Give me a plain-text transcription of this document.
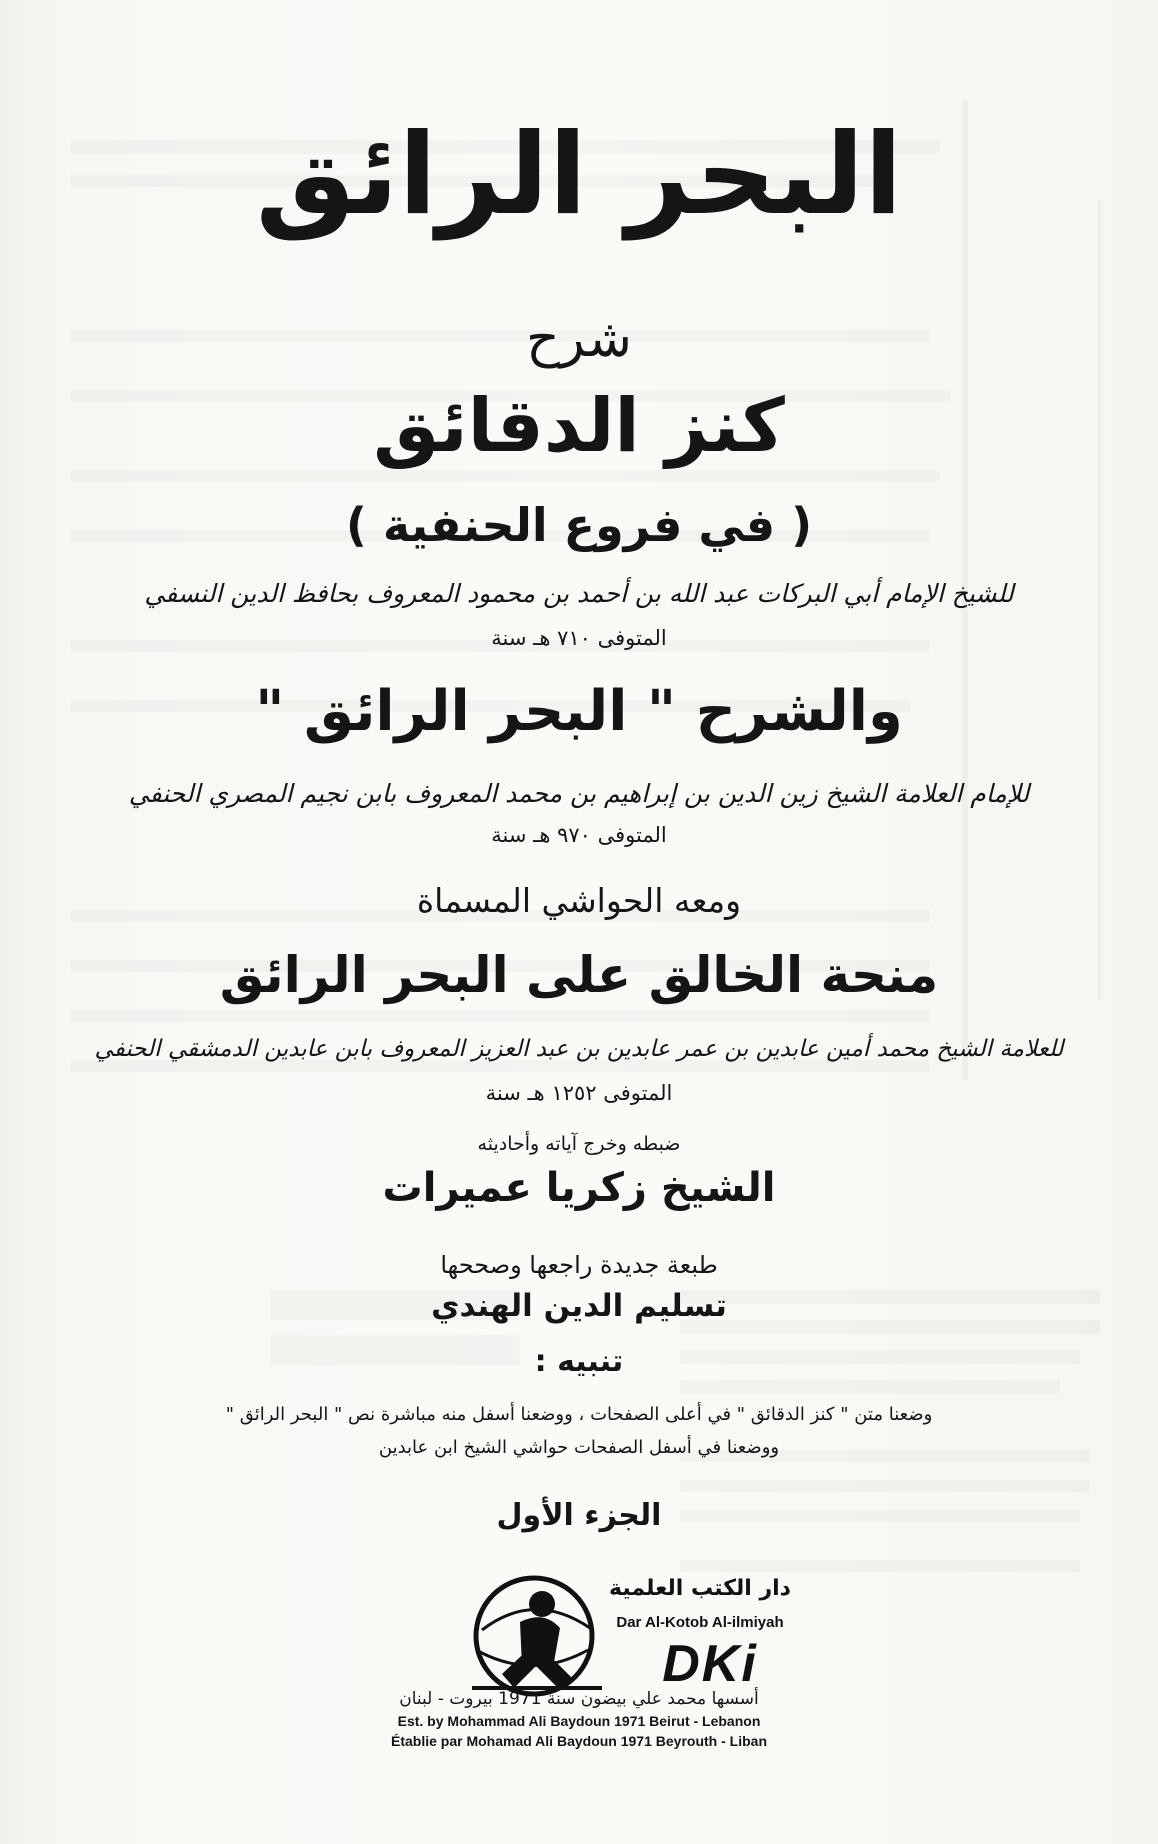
البحر الرائق
شرح
كنز الدقائق
( في فروع الحنفية )
للشيخ الإمام أبي البركات عبد الله بن أحمد بن محمود المعروف بحافظ الدين النسفي
المتوفى ٧١٠ هـ سنة
والشرح " البحر الرائق "
للإمام العلامة الشيخ زين الدين بن إبراهيم بن محمد المعروف بابن نجيم المصري الحنفي
المتوفى ٩٧٠ هـ سنة
ومعه الحواشي المسماة
منحة الخالق على البحر الرائق
للعلامة الشيخ محمد أمين عابدين بن عمر عابدين بن عبد العزيز المعروف بابن عابدين الدمشقي الحنفي
المتوفى ١٢٥٢ هـ سنة
ضبطه وخرج آياته وأحاديثه
الشيخ زكريا عميرات
طبعة جديدة راجعها وصححها
تسليم الدين الهندي
تنبيه :
وضعنا متن " كنز الدقائق " في أعلى الصفحات ، ووضعنا أسفل منه مباشرة نص " البحر الرائق "
ووضعنا في أسفل الصفحات حواشي الشيخ ابن عابدين
الجزء الأول
دار الكتب العلمية
Dar Al-Kotob Al-ilmiyah
DKi
أسسها محمد علي بيضون سنة 1971 بيروت - لبنان
Est. by Mohammad Ali Baydoun 1971 Beirut - Lebanon
Établie par Mohamad Ali Baydoun 1971 Beyrouth - Liban
